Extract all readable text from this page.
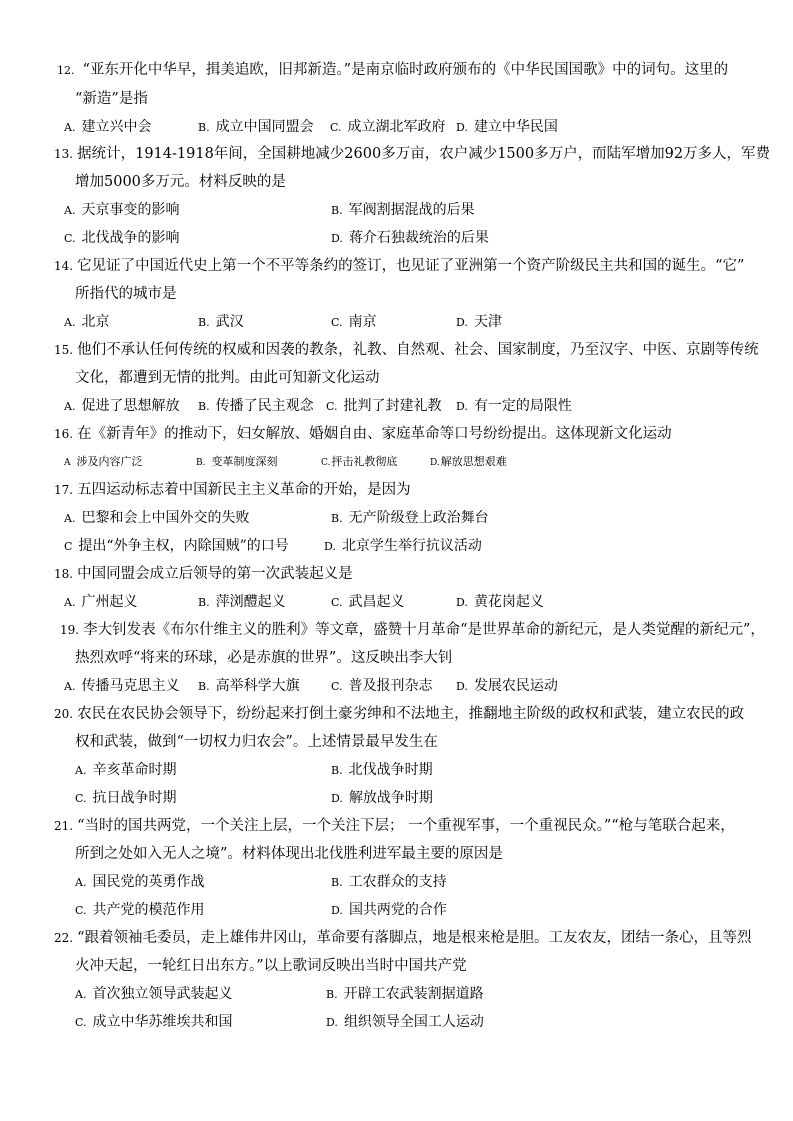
12. “亚东开化中华早，揖美追欧，旧邦新造。”是南京临时政府颁布的《中华民国国歌》中的词句。这里的
“新造”是指
A. 建立兴中会	B. 成立中国同盟会 C. 成立湖北军政府 D. 建立中华民国
13. 据统计，1914-1918年间，全国耕地减少2600多万亩，农户减少1500多万户，而陆军增加92万多人，军费
增加5000多万元。材料反映的是
A. 天京事变的影响	B. 军阀割据混战的后果
C. 北伐战争的影响	D. 蒋介石独裁统治的后果
14. 它见证了中国近代史上第一个不平等条约的签订，也见证了亚洲第一个资产阶级民主共和国的诞生。“它”
所指代的城市是
A. 北京	B. 武汉	C. 南京	D. 天津
15. 他们不承认任何传统的权威和因袭的教条，礼教、自然观、社会、国家制度，乃至汉字、中医、京剧等传统
文化，都遭到无情的批判。由此可知新文化运动
A. 促进了思想解放 B. 传播了民主观念 C. 批判了封建礼教 D. 有一定的局限性
16. 在《新青年》的推动下，妇女解放、婚姻自由、家庭革命等口号纷纷提出。这体现新文化运动
A 涉及内容广泛	B. 变革制度深刻	C.抨击礼教彻底	D.解放思想艰难
17. 五四运动标志着中国新民主主义革命的开始，是因为
A. 巴黎和会上中国外交的失败	B. 无产阶级登上政治舞台
C 提出“外争主权，内除国贼”的口号	D. 北京学生举行抗议活动
18. 中国同盟会成立后领导的第一次武装起义是
A. 广州起义	B. 萍浏醴起义	C. 武昌起义	D. 黄花岗起义
19. 李大钊发表《布尔什维主义的胜利》等文章，盛赞十月革命“是世界革命的新纪元，是人类觉醒的新纪元”，
热烈欢呼“将来的环球，必是赤旗的世界”。这反映出李大钊
A. 传播马克思主义 B. 高举科学大旗	C. 普及报刊杂志 D. 发展农民运动
20. 农民在农民协会领导下，纷纷起来打倒土豪劣绅和不法地主，推翻地主阶级的政权和武装，建立农民的政
权和武装，做到“一切权力归农会”。上述情景最早发生在
A. 辛亥革命时期	B. 北伐战争时期
C. 抗日战争时期	D. 解放战争时期
21. “当时的国共两党，一个关注上层，一个关注下层； 一个重视军事，一个重视民众。”“枪与笔联合起来，
所到之处如入无人之境”。材料体现出北伐胜利进军最主要的原因是
A. 国民党的英勇作战	B. 工农群众的支持
C. 共产党的模范作用	D. 国共两党的合作
22. “跟着领袖毛委员，走上雄伟井冈山，革命要有落脚点，地是根来枪是胆。工友农友，团结一条心，且等烈
火冲天起，一轮红日出东方。”以上歌词反映出当时中国共产党
A. 首次独立领导武装起义	B. 开辟工农武装割据道路
C. 成立中华苏维埃共和国	D. 组织领导全国工人运动
